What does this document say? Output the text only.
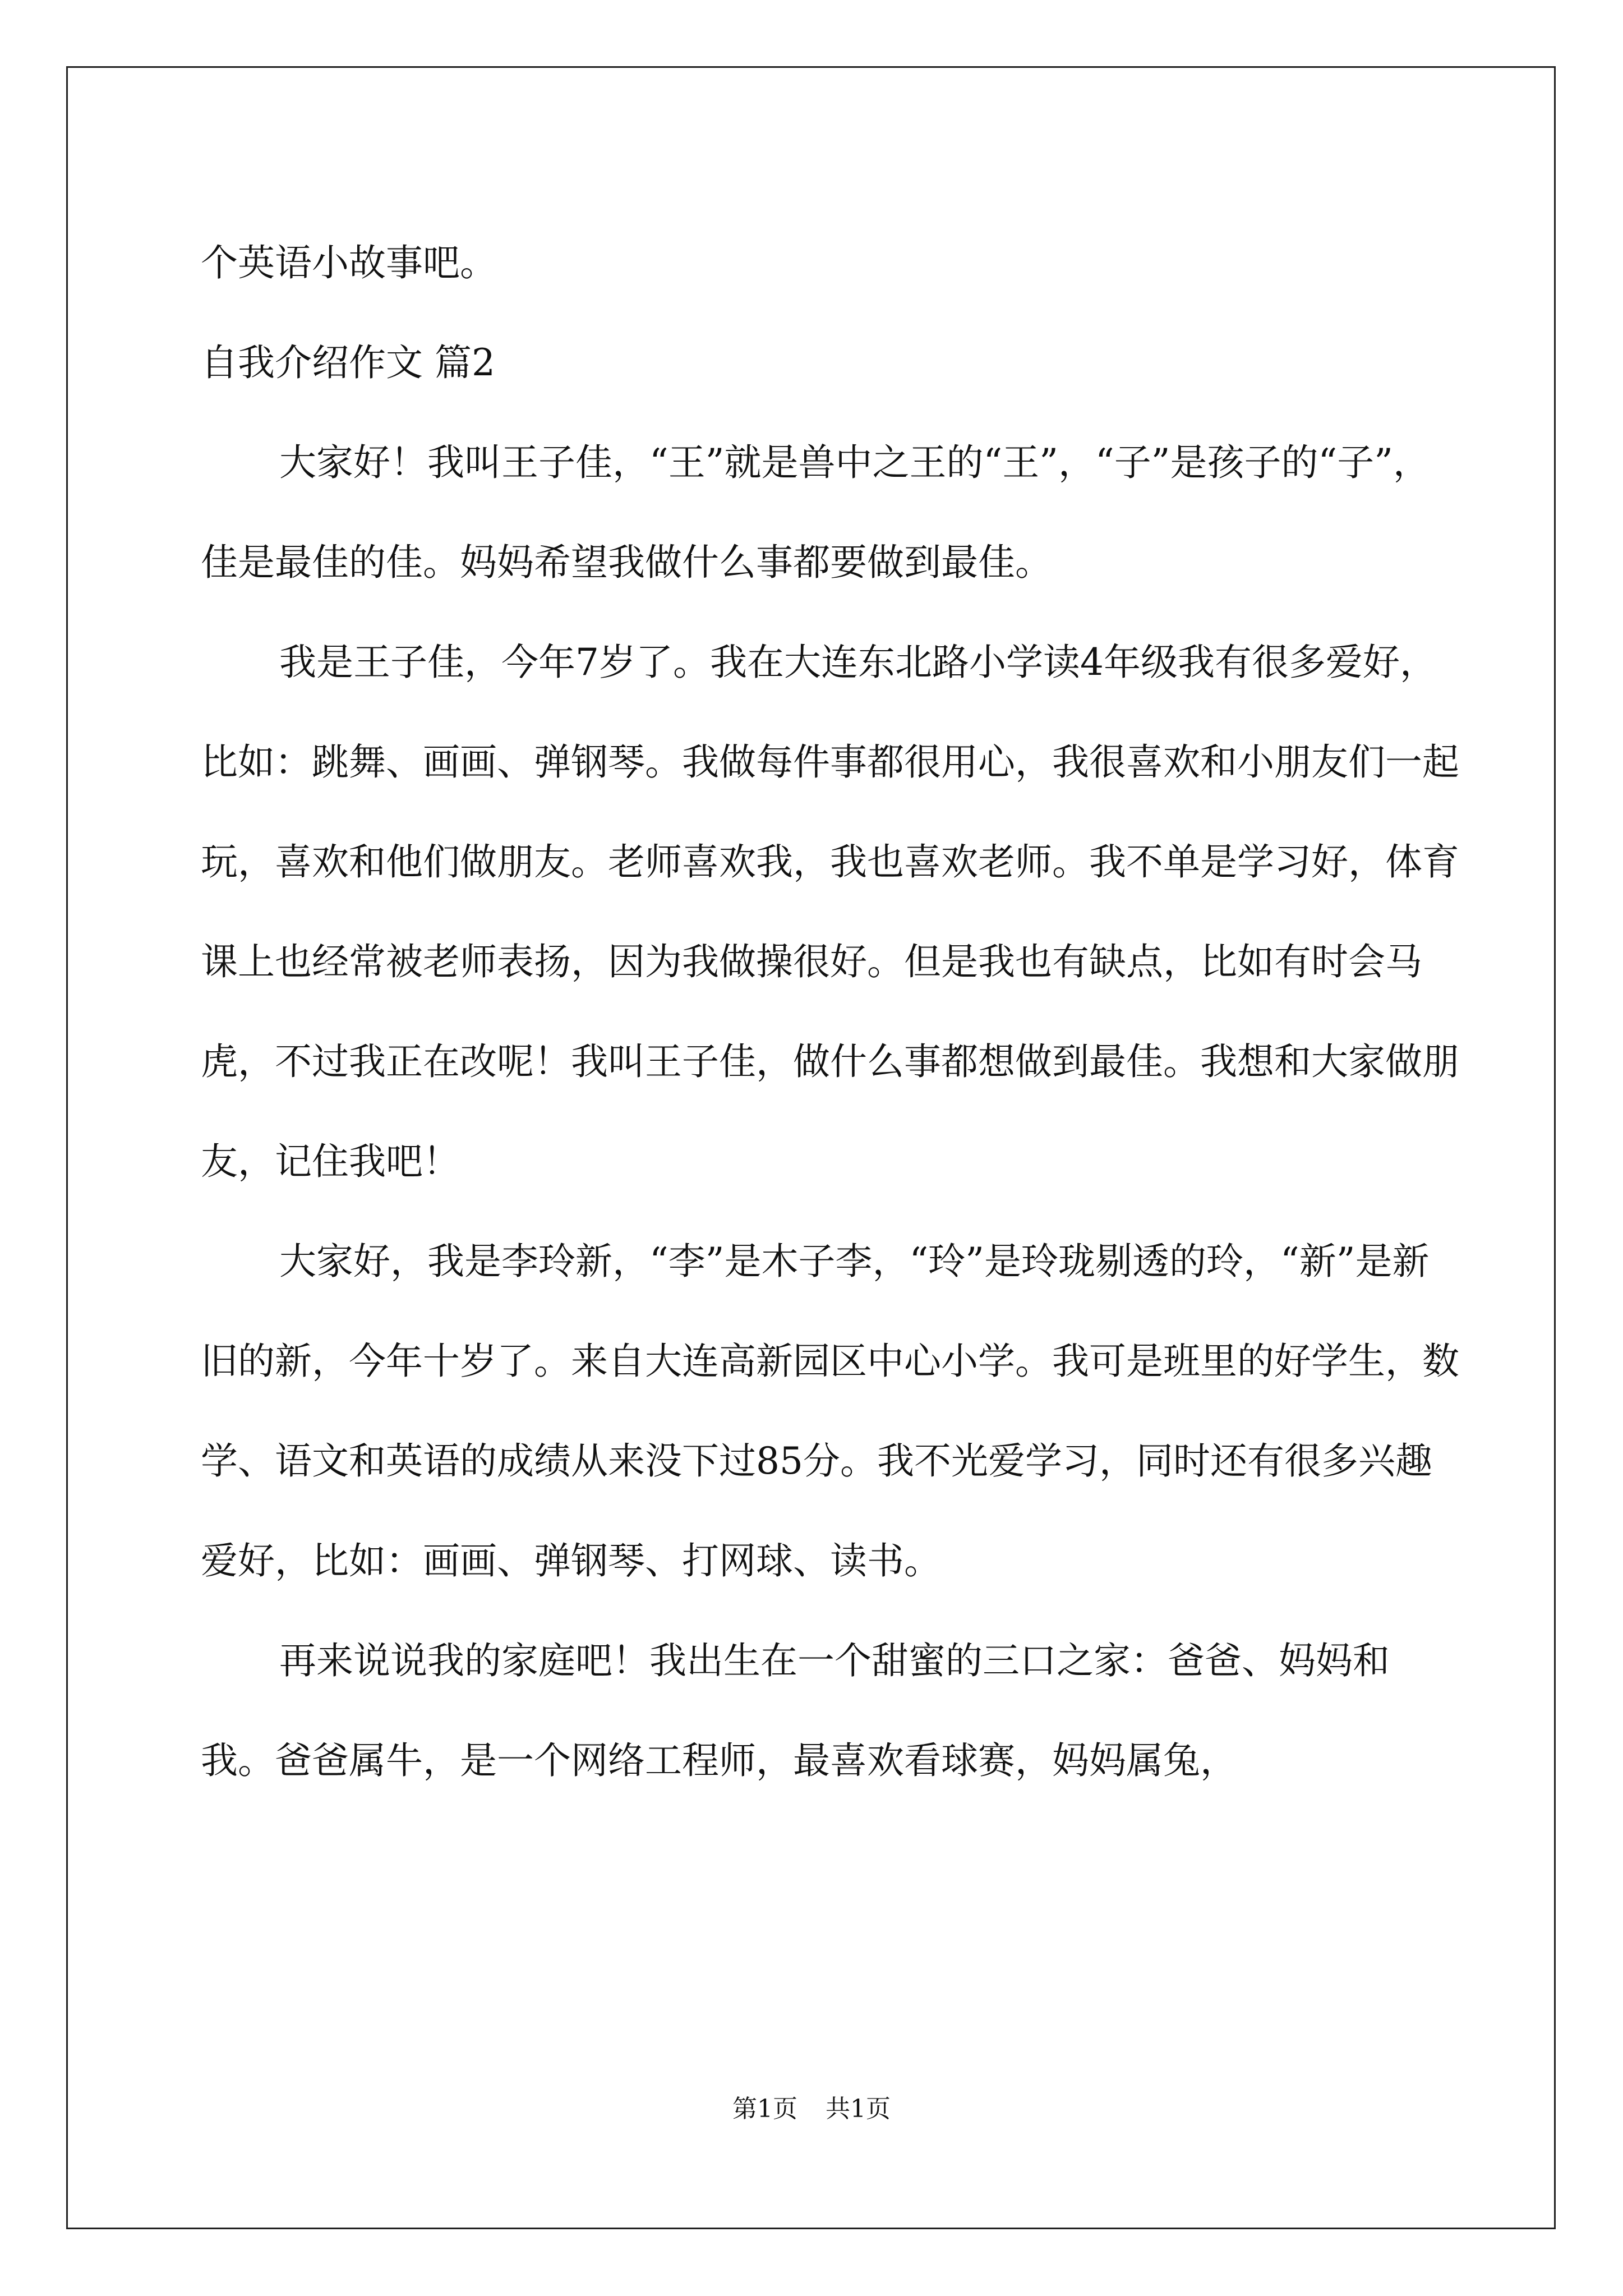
个英语小故事吧。

自我介绍作文 篇2

大家好！我叫王子佳，“王”就是兽中之王的“王”，“子”是孩子的“子”，佳是最佳的佳。妈妈希望我做什么事都要做到最佳。

我是王子佳，今年7岁了。我在大连东北路小学读4年级我有很多爱好，比如：跳舞、画画、弹钢琴。我做每件事都很用心，我很喜欢和小朋友们一起玩，喜欢和他们做朋友。老师喜欢我，我也喜欢老师。我不单是学习好，体育课上也经常被老师表扬，因为我做操很好。但是我也有缺点，比如有时会马虎，不过我正在改呢！我叫王子佳，做什么事都想做到最佳。我想和大家做朋友，记住我吧！

大家好，我是李玲新，“李”是木子李，“玲”是玲珑剔透的玲，“新”是新旧的新，今年十岁了。来自大连高新园区中心小学。我可是班里的好学生，数学、语文和英语的成绩从来没下过85分。我不光爱学习，同时还有很多兴趣爱好，比如：画画、弹钢琴、打网球、读书。

再来说说我的家庭吧！我出生在一个甜蜜的三口之家：爸爸、妈妈和我。爸爸属牛，是一个网络工程师，最喜欢看球赛，妈妈属兔，

第1页 共1页
